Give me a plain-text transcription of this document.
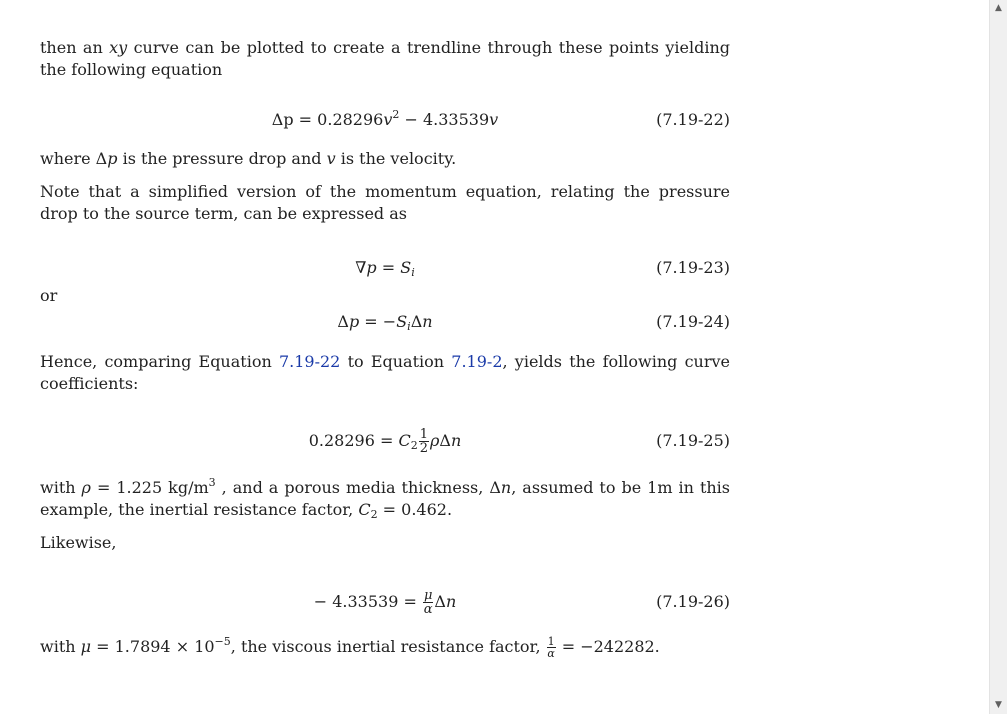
then an xy curve can be plotted to create a trendline through these points yielding the following equation

$\Delta p = 0.28296v^2 - 4.33539v$	(7.19-22)

where Δp is the pressure drop and v is the velocity.

Note that a simplified version of the momentum equation, relating the pressure drop to the source term, can be expressed as

$\nabla p = S_i$	(7.19-23)

or

$\Delta p = -S_i\Delta n$	(7.19-24)

Hence, comparing Equation 7.19-22 to Equation 7.19-2, yields the following curve coefficients:

$0.28296 = C_2 \frac{1}{2}$ ρΔn	(7.19-25)

with ρ = 1.225 $kg/m^3$ , and a porous media thickness, Δn, assumed to be 1m in this example, the inertial resistance factor, $C_2 = 0.462$.

Likewise,

− $4.33539 = \frac{\mu}{\alpha}$ Δn	(7.19-26)

with $\mu = 1.7894 \times 10^{-5}$, the viscous inertial resistance factor, $\frac{1}{\alpha} = -242282$.

▲
▼
